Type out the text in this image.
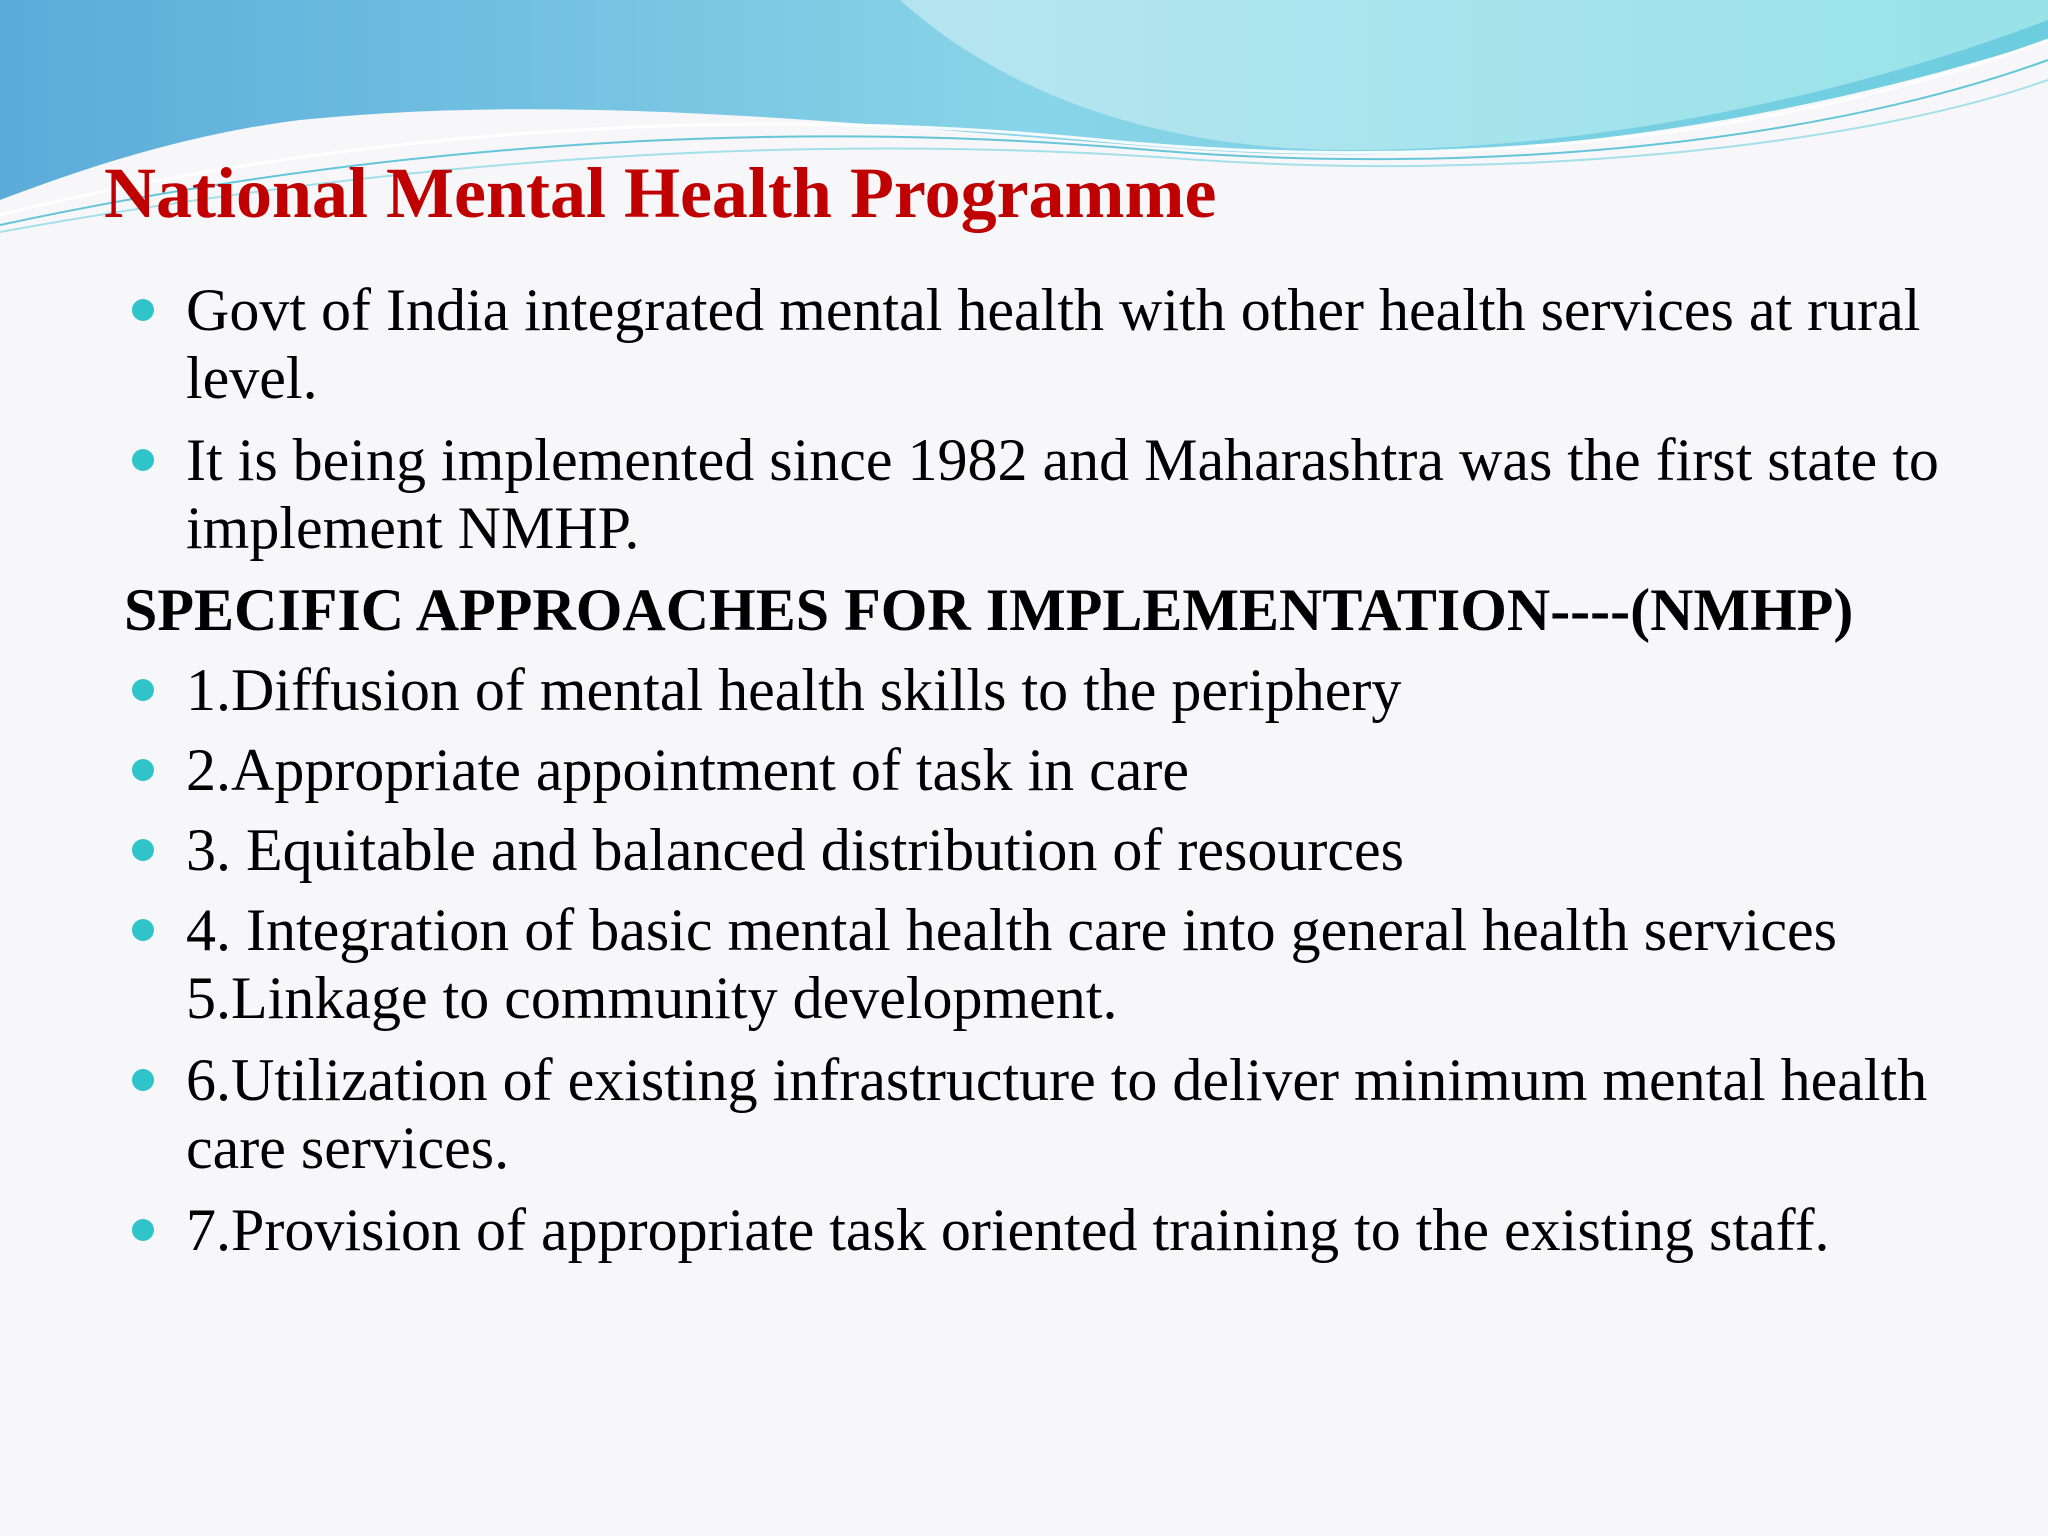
National Mental Health Programme
Govt of India integrated mental health with other health services at rural level.
It is being implemented since 1982 and Maharashtra was the first state to implement NMHP.
SPECIFIC APPROACHES FOR IMPLEMENTATION----(NMHP)
1.Diffusion of mental health skills to the periphery
2.Appropriate appointment of task in care
3. Equitable and balanced distribution of resources
4. Integration of basic mental health care into general health services 5.Linkage to community development.
6.Utilization of existing infrastructure to deliver minimum mental health care services.
7.Provision of appropriate task oriented training to the existing staff.
